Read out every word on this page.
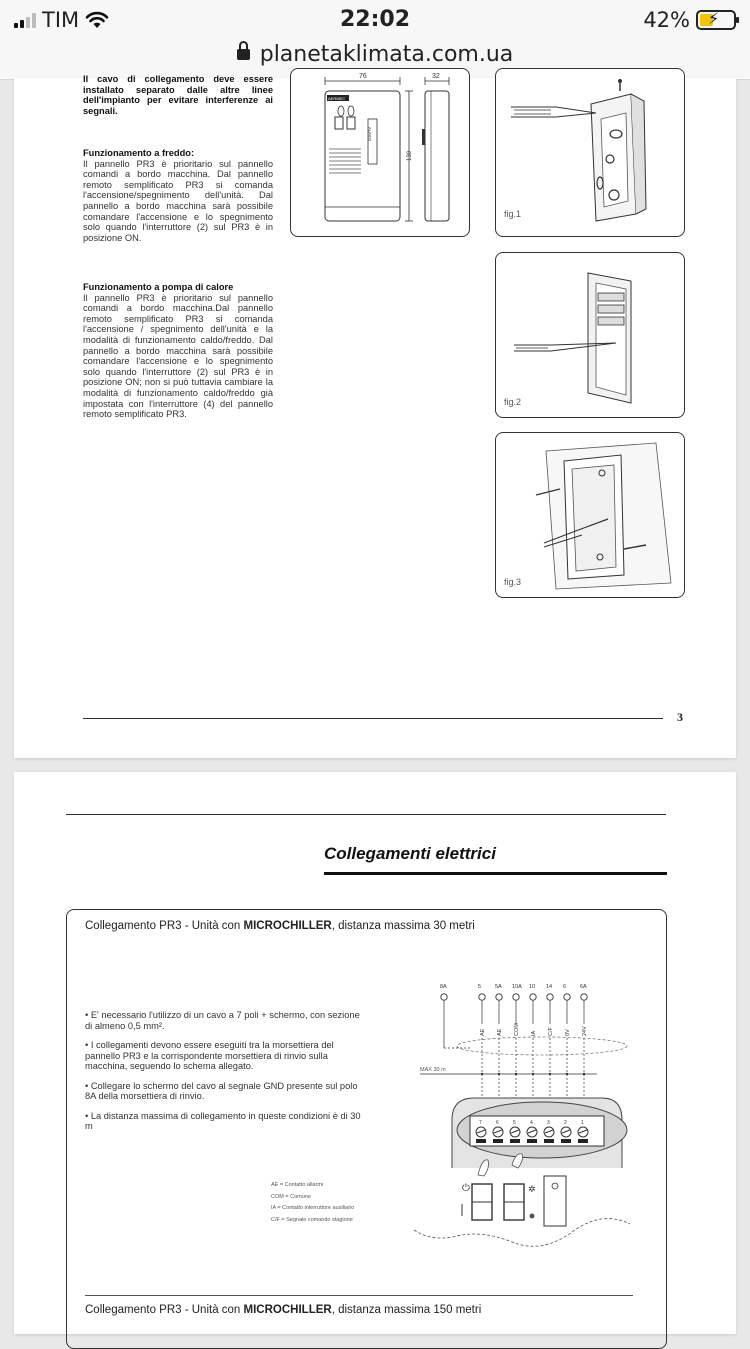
TIM	22:02	42% ⚡
planetaklimata.com.ua
Il cavo di collegamento deve essere installato separato dalle altre linee dell'impianto per evitare interferenze ai segnali.
Funzionamento a freddo:
Il pannello PR3 è prioritario sul pannello comandi a bordo macchina. Dal pannello remoto semplificato PR3 si comanda l'accensione/spegnimento dell'unità. Dal pannello a bordo macchina sarà possibile comandare l'accensione e lo spegnimento solo quando l'interruttore (2) sul PR3 è in posizione ON.
Funzionamento a pompa di calore
Il pannello PR3 è prioritario sul pannello comandi a bordo macchina.Dal pannello remoto semplificato PR3 si comanda l'accensione / spegnimento dell'unità e la modalità di funzionamento caldo/freddo. Dal pannello a bordo macchina sarà possibile comandare l'accensione e lo spegnimento solo quando l'interruttore (2) sul PR3 è in posizione ON; non si può tuttavia cambiare la modalità di funzionamento caldo/freddo già impostata con l'interruttore (4) del pannello remoto semplificato PR3.
76	32
AERMEC
ALARM
130
fig.1
fig.2
fig.3
3
Collegamenti elettrici
Collegamento PR3 - Unità con MICROCHILLER, distanza massima 30 metri

• E' necessario l'utilizzo di un cavo a 7 poli + schermo, con sezione di almeno 0,5 mm².

• I collegamenti devono essere eseguiti tra la morsettiera del pannello PR3 e la corrispondente morsettiera di rinvio sulla macchina, seguendo lo schema allegato.

• Collegare lo schermo del cavo al segnale GND presente sul polo 8A della morsettiera di rinvio.

• La distanza massima di collegamento in queste condizioni è di 30 m

AE = Contatto allarmi
COM = Comune
IA = Contatto interruttore ausiliario
C/F = Segnale comando stagione
8A	5	5A 10A 10 14 6	6A
AE AE COM IA C/F 0V 24V
MAX 30 m
7	6	5	4	3	2	1
⏻	✲
Collegamento PR3 - Unità con MICROCHILLER, distanza massima 150 metri
